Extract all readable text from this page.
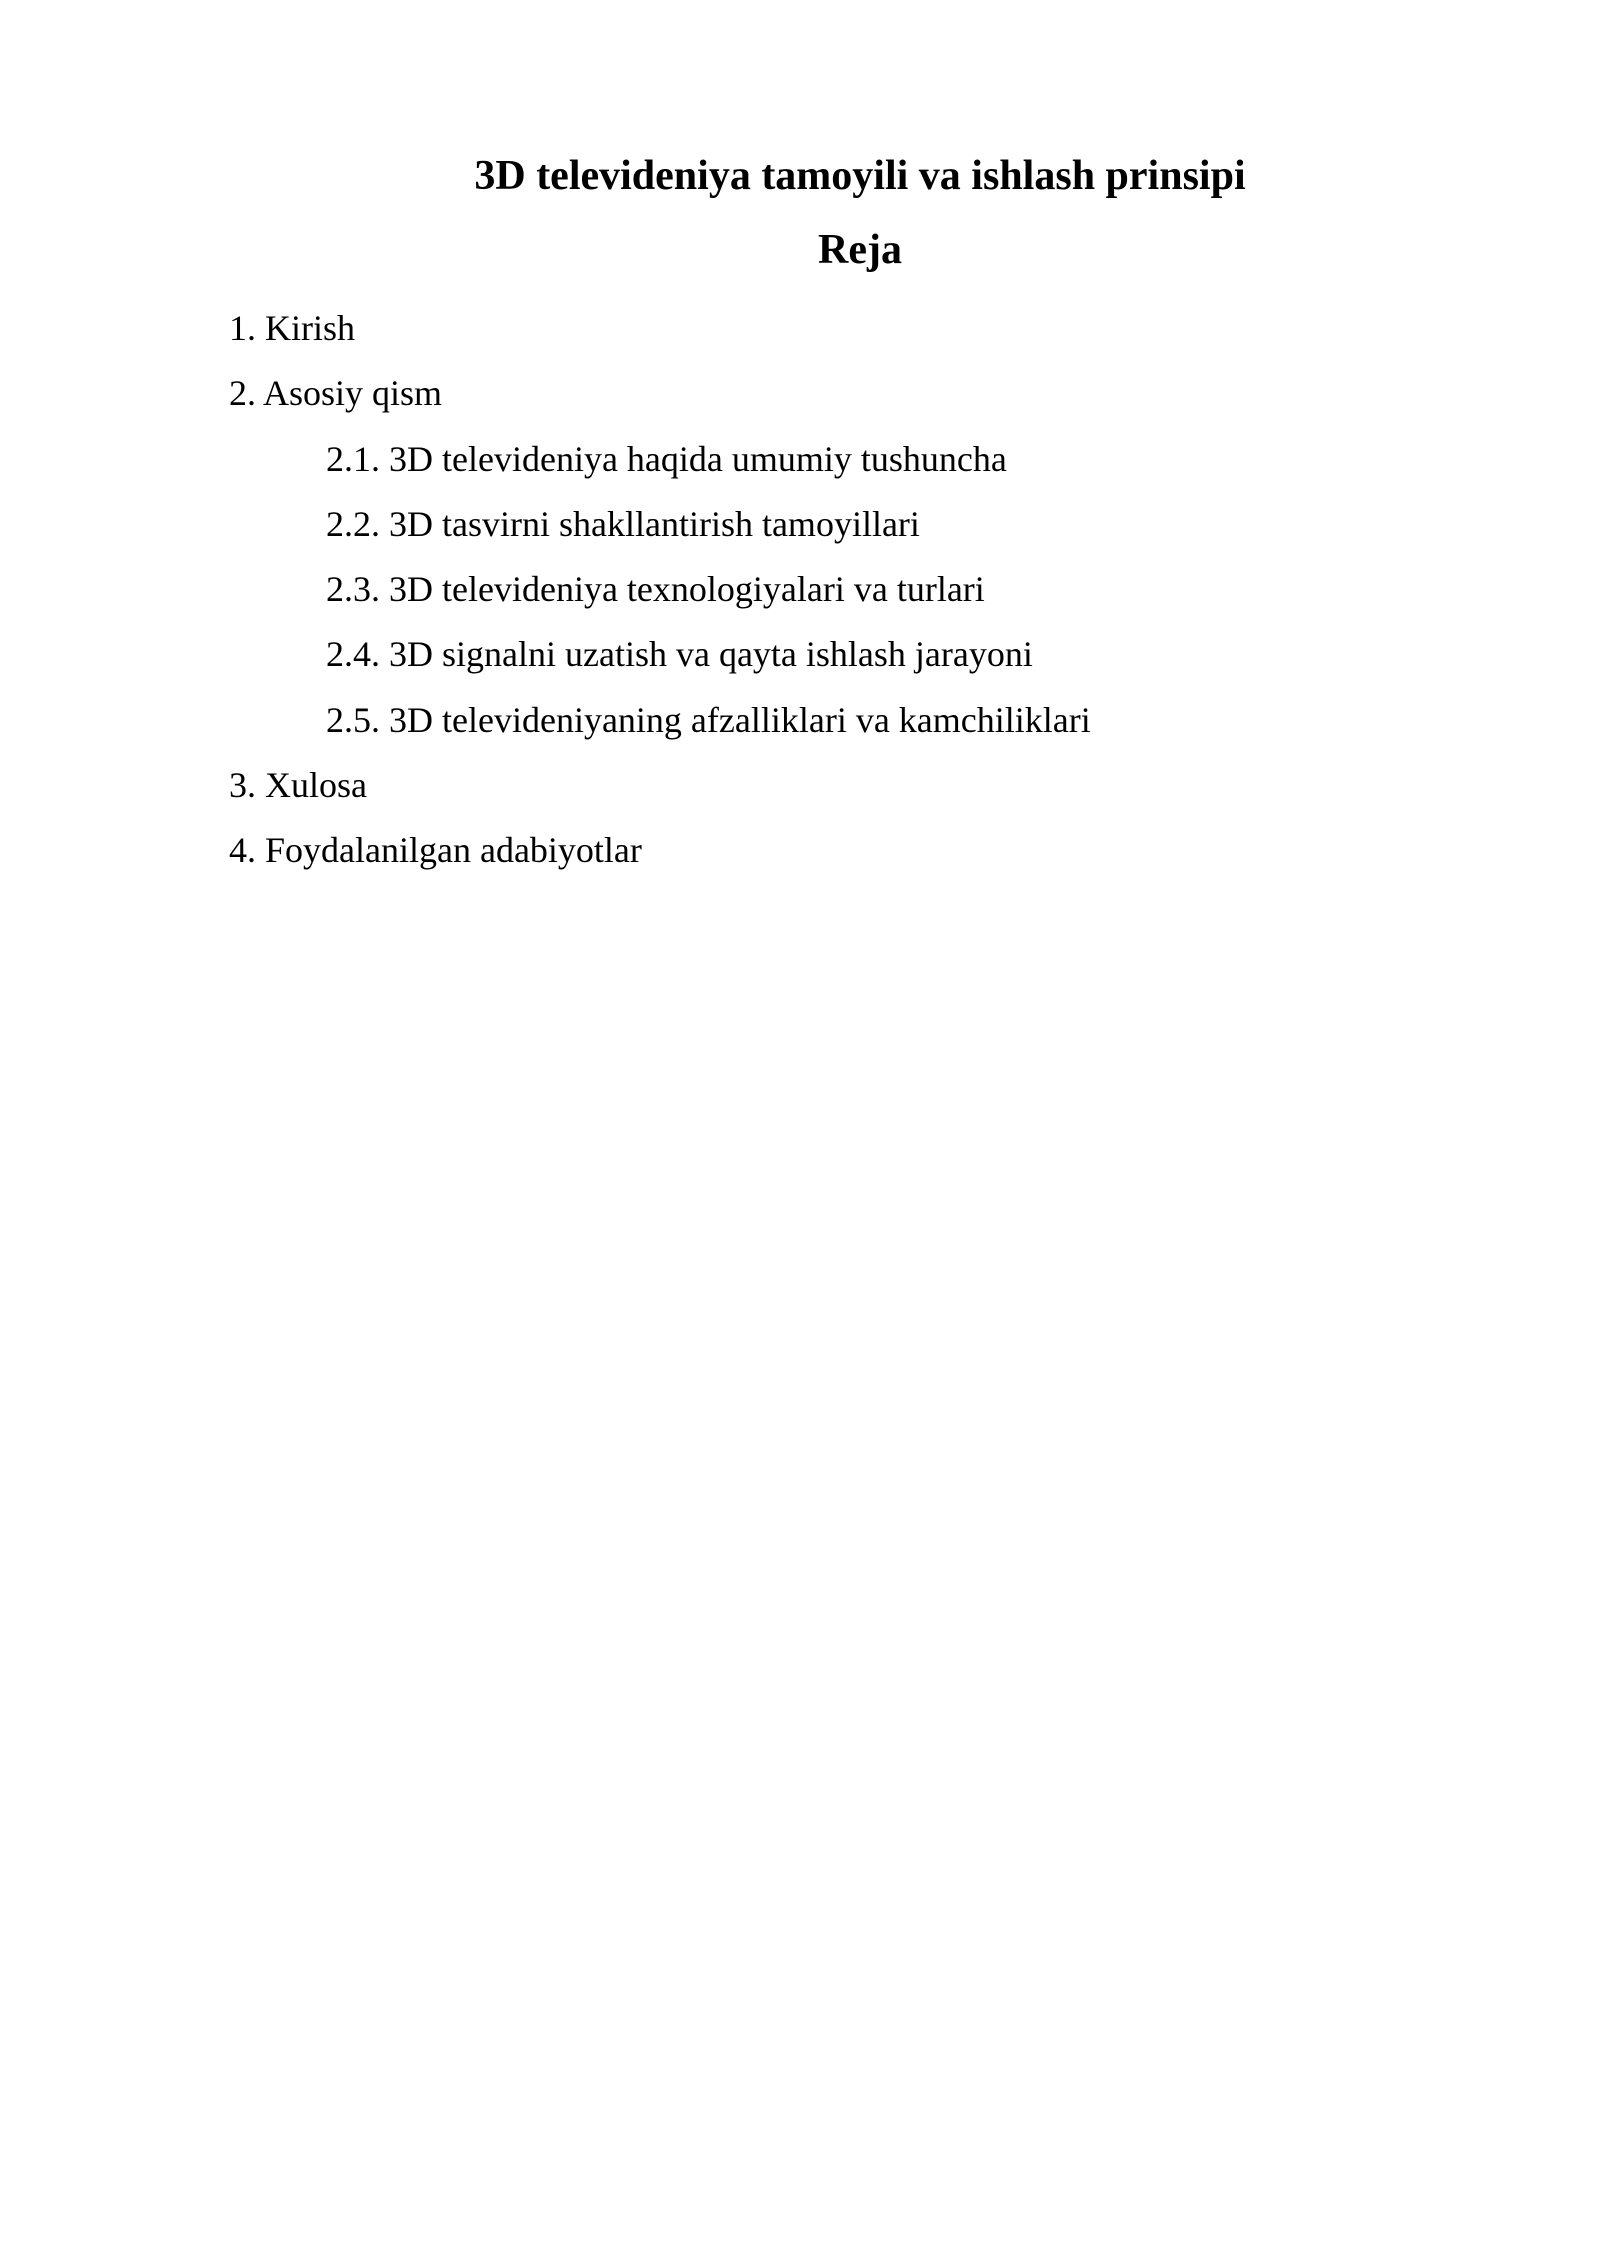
3D televideniya tamoyili va ishlash prinsipi
Reja
1. Kirish
2. Asosiy qism
2.1. 3D televideniya haqida umumiy tushuncha
2.2. 3D tasvirni shakllantirish tamoyillari
2.3. 3D televideniya texnologiyalari va turlari
2.4. 3D signalni uzatish va qayta ishlash jarayoni
2.5. 3D televideniyaning afzalliklari va kamchiliklari
3. Xulosa
4. Foydalanilgan adabiyotlar
